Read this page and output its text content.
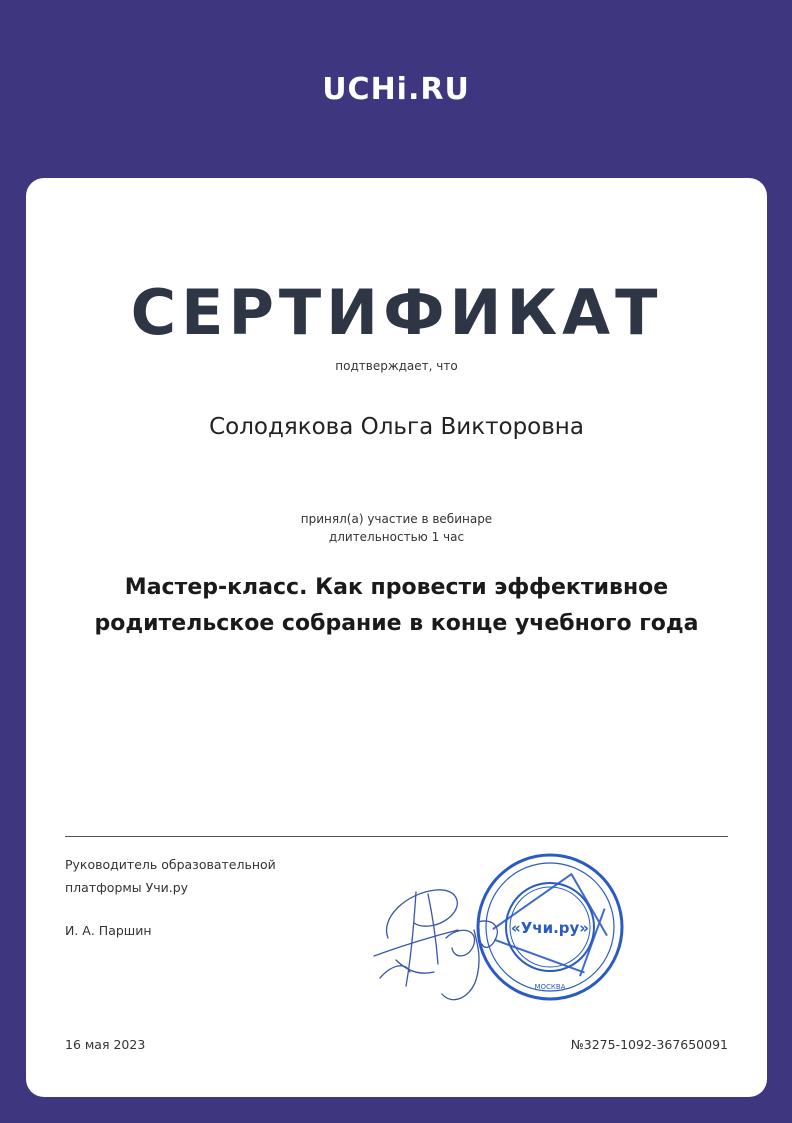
UCHi.RU
СЕРТИФИКАТ
подтверждает, что
Солодякова Ольга Викторовна
принял(а) участие в вебинаре
длительностью 1 час
Мастер-класс. Как провести эффективное родительское собрание в конце учебного года
Руководитель образовательной
платформы Учи.ру
И. А. Паршин	«Учи.ру»
МОСКВА
16 мая 2023	№3275-1092-367650091
